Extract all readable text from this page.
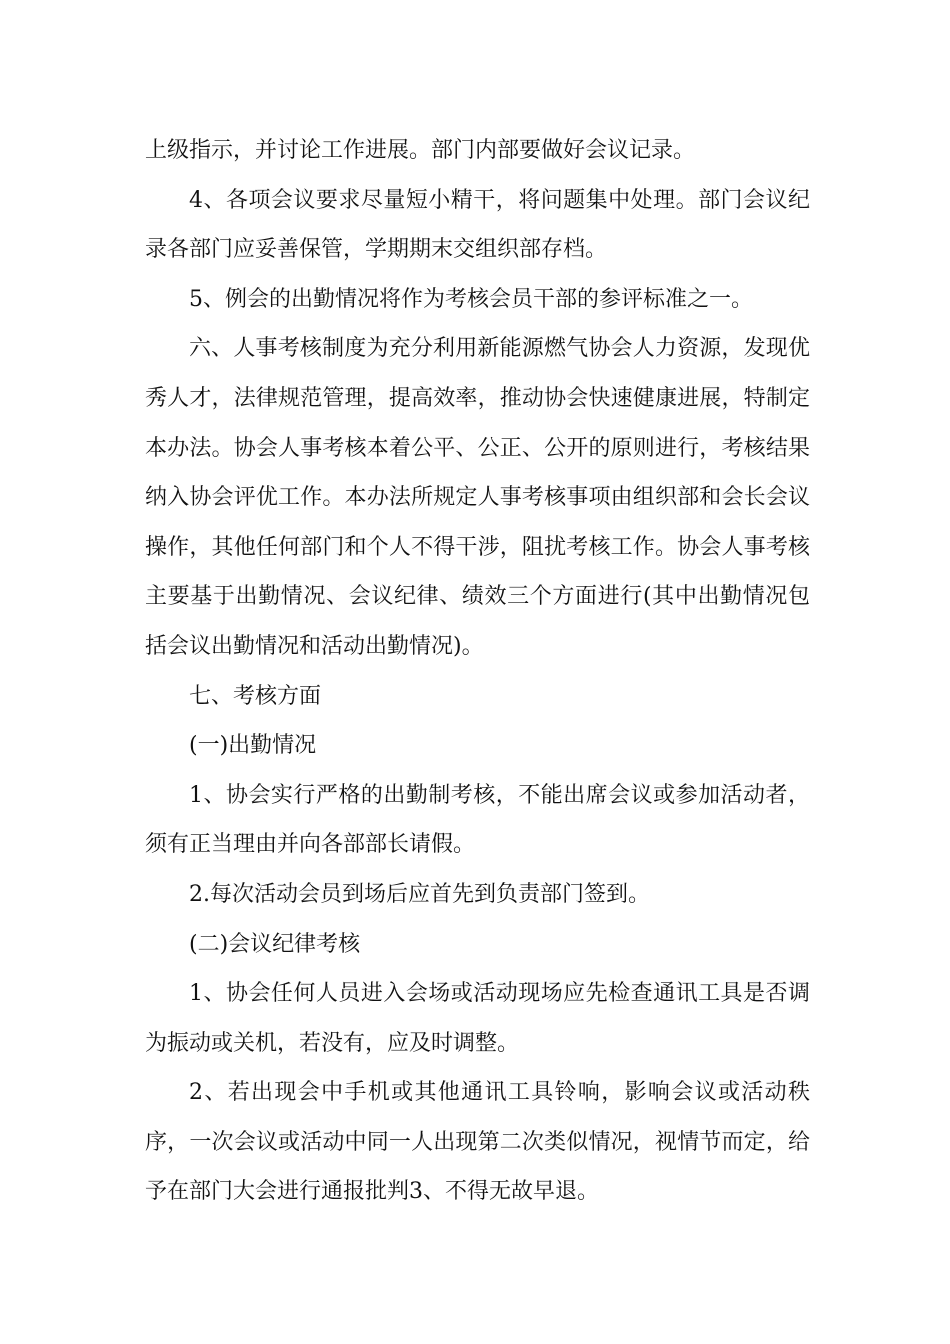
上级指示，并讨论工作进展。部门内部要做好会议记录。

4、各项会议要求尽量短小精干，将问题集中处理。部门会议纪录各部门应妥善保管，学期期末交组织部存档。

5、例会的出勤情况将作为考核会员干部的参评标准之一。

六、人事考核制度为充分利用新能源燃气协会人力资源，发现优秀人才，法律规范管理，提高效率，推动协会快速健康进展，特制定本办法。协会人事考核本着公平、公正、公开的原则进行，考核结果纳入协会评优工作。本办法所规定人事考核事项由组织部和会长会议操作，其他任何部门和个人不得干涉，阻扰考核工作。协会人事考核主要基于出勤情况、会议纪律、绩效三个方面进行(其中出勤情况包括会议出勤情况和活动出勤情况)。

七、考核方面

(一)出勤情况

1、协会实行严格的出勤制考核，不能出席会议或参加活动者，须有正当理由并向各部部长请假。

2.每次活动会员到场后应首先到负责部门签到。

(二)会议纪律考核

1、协会任何人员进入会场或活动现场应先检查通讯工具是否调为振动或关机，若没有，应及时调整。

2、若出现会中手机或其他通讯工具铃响，影响会议或活动秩序，一次会议或活动中同一人出现第二次类似情况，视情节而定，给予在部门大会进行通报批判3、不得无故早退。
